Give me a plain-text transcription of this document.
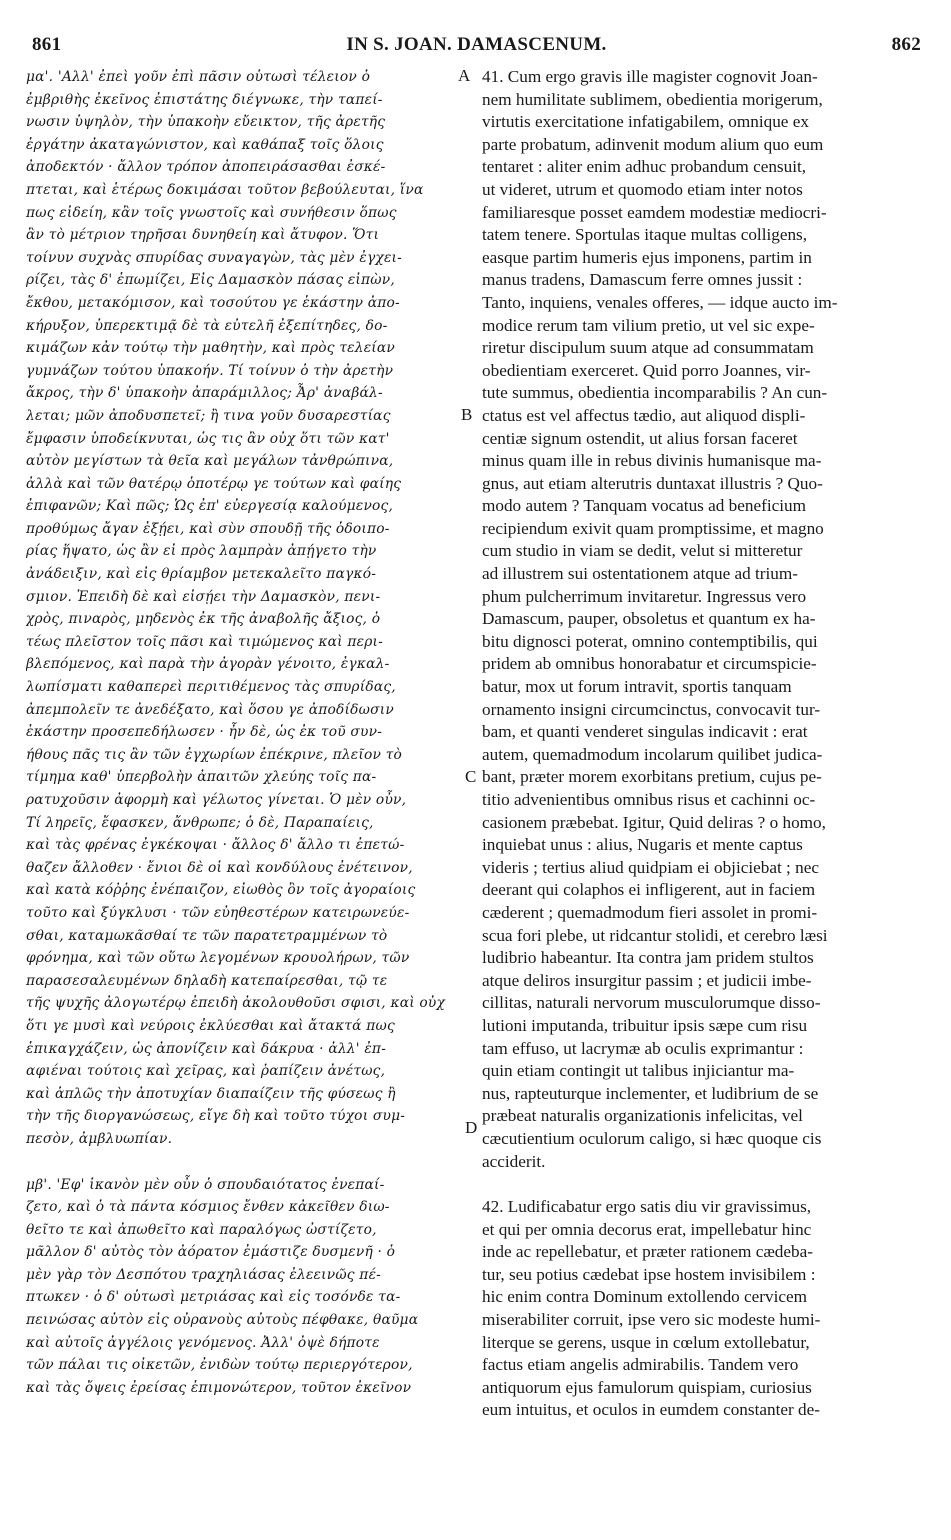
861	IN S. JOAN. DAMASCENUM.	862
μα'. 'Αλλ' ἐπεὶ γοῦν ἐπὶ πᾶσιν οὑτωσὶ τέλειον ὁ
ἐμβριθὴς ἐκεῖνος ἐπιστάτης διέγνωκε, τὴν ταπεί-
νωσιν ὑψηλὸν, τὴν ὑπακοὴν εὔεικτον, τῆς ἀρετῆς
ἐργάτην ἀκαταγώνιστον, καὶ καθάπαξ τοῖς ὅλοις
ἀποδεκτόν · ἄλλον τρόπον ἀποπειράσασθαι ἐσκέ-
πτεται, καὶ ἑτέρως δοκιμάσαι τοῦτον βεβούλευται, ἵνα
πως εἰδείη, κἂν τοῖς γνωστοῖς καὶ συνήθεσιν ὅπως
ἂν τὸ μέτριον τηρῆσαι δυνηθείη καὶ ἄτυφον. Ὅτι
τοίνυν συχνὰς σπυρίδας συναγαγὼν, τὰς μὲν ἐγχει-
ρίζει, τὰς δ' ἐπωμίζει, Εἰς Δαμασκὸν πάσας εἰπὼν,
ἔκθου, μετακόμισον, καὶ τοσούτου γε ἑκάστην ἀπο-
κήρυξον, ὑπερεκτιμᾷ δὲ τὰ εὐτελῆ ἐξεπίτηδες, δο-
κιμάζων κἀν τούτῳ τὴν μαθητὴν, καὶ πρὸς τελείαν
γυμνάζων τούτου ὑπακοήν. Τί τοίνυν ὁ τὴν ἀρετὴν
ἄκρος, τὴν δ' ὑπακοὴν ἀπαράμιλλος; Ἆρ' ἀναβάλ-
λεται; μῶν ἀποδυσπετεῖ; ἢ τινα γοῦν δυσαρεστίας
ἔμφασιν ὑποδείκνυται, ὡς τις ἂν οὐχ ὅτι τῶν κατ'
αὐτὸν μεγίστων τὰ θεῖα καὶ μεγάλων τἀνθρώπινα,
ἀλλὰ καὶ τῶν θατέρῳ ὁποτέρῳ γε τούτων καὶ φαίης
ἐπιφανῶν; Καὶ πῶς; Ὡς ἐπ' εὐεργεσίᾳ καλούμενος,
προθύμως ἄγαν ἐξῄει, καὶ σὺν σπουδῇ τῆς ὁδοιπο-
ρίας ἥψατο, ὡς ἂν εἰ πρὸς λαμπρὰν ἀπῄγετο τὴν
ἀνάδειξιν, καὶ εἰς θρίαμβον μετεκαλεῖτο παγκό-
σμιον. Ἐπειδὴ δὲ καὶ εἰσῄει τὴν Δαμασκὸν, πενι-
χρὸς, πιναρὸς, μηδενὸς ἐκ τῆς ἀναβολῆς ἄξιος, ὁ
τέως πλεῖστον τοῖς πᾶσι καὶ τιμώμενος καὶ περι-
βλεπόμενος, καὶ παρὰ τὴν ἀγορὰν γένοιτο, ἐγκαλ-
λωπίσματι καθαπερεὶ περιτιθέμενος τὰς σπυρίδας,
ἀπεμπολεῖν τε ἀνεδέξατο, καὶ ὅσου γε ἀποδίδωσιν
ἑκάστην προσεπεδήλωσεν · ἦν δὲ, ὡς ἐκ τοῦ συν-
ήθους πᾶς τις ἂν τῶν ἐγχωρίων ἐπέκρινε, πλεῖον τὸ
τίμημα καθ' ὑπερβολὴν ἀπαιτῶν χλεύης τοῖς πα-
ρατυχοῦσιν ἀφορμὴ καὶ γέλωτος γίνεται. Ὁ μὲν οὖν,
Τί ληρεῖς, ἔφασκεν, ἄνθρωπε; ὁ δὲ, Παραπαίεις,
καὶ τὰς φρένας ἐγκέκοψαι · ἄλλος δ' ἄλλο τι ἐπετώ-
θαζεν ἄλλοθεν · ἔνιοι δὲ οἱ καὶ κονδύλους ἐνέτεινον,
καὶ κατὰ κόῤῥης ἐνέπαιζον, εἰωθὸς ὂν τοῖς ἀγοραίοις
τοῦτο καὶ ξύγκλυσι · τῶν εὐηθεστέρων κατειρωνεύε-
σθαι, καταμωκᾶσθαί τε τῶν παρατετραμμένων τὸ
φρόνημα, καὶ τῶν οὕτω λεγομένων κρουολήρων, τῶν
παρασεσαλευμένων δηλαδὴ κατεπαίρεσθαι, τῷ τε
τῆς ψυχῆς ἀλογωτέρῳ ἐπειδὴ ἀκολουθοῦσι σφισι, καὶ οὐχ
ὅτι γε μυσὶ καὶ νεύροις ἐκλύεσθαι καὶ ἄτακτά πως
ἐπικαγχάζειν, ὡς ἀπονίζειν καὶ δάκρυα · ἀλλ' ἐπ-
αφιέναι τούτοις καὶ χεῖρας, καὶ ῥαπίζειν ἀνέτως,
καὶ ἁπλῶς τὴν ἀποτυχίαν διαπαίζειν τῆς φύσεως ἢ
τὴν τῆς διοργανώσεως, εἴγε δὴ καὶ τοῦτο τύχοι συμ-
πεσὸν, ἀμβλυωπίαν.
μβ'. 'Εφ' ἱκανὸν μὲν οὖν ὁ σπουδαιότατος ἐνεπαί-
ζετο, καὶ ὁ τὰ πάντα κόσμιος ἔνθεν κἀκεῖθεν διω-
θεῖτο τε καὶ ἀπωθεῖτο καὶ παραλόγως ὠστίζετο,
μᾶλλον δ' αὐτὸς τὸν ἀόρατον ἐμάστιζε δυσμενῆ · ὁ
μὲν γὰρ τὸν Δεσπότου τραχηλιάσας ἐλεεινῶς πέ-
πτωκεν · ὁ δ' οὑτωσὶ μετριάσας καὶ εἰς τοσόνδε τα-
πεινώσας αὐτὸν εἰς οὐρανοὺς αὐτοὺς πέφθακε, θαῦμα
καὶ αὐτοῖς ἀγγέλοις γενόμενος. Ἀλλ' ὀψὲ δήποτε
τῶν πάλαι τις οἰκετῶν, ἐνιδὼν τούτῳ περιεργότερον,
καὶ τὰς ὄψεις ἐρείσας ἐπιμονώτερον, τοῦτον ἐκεῖνον
41. Cum ergo gravis ille magister cognovit Joan-
nem humilitate sublimem, obedientia morigerum,
virtutis exercitatione infatigabilem, omnique ex
parte probatum, adinvenit modum alium quo eum
tentaret : aliter enim adhuc probandum censuit,
ut videret, utrum et quomodo etiam inter notos
familiaresque posset eamdem modestiæ mediocri-
tatem tenere. Sportulas itaque multas colligens,
easque partim humeris ejus imponens, partim in
manus tradens, Damascum ferre omnes jussit :
Tanto, inquiens, venales offeres, — idque aucto im-
modice rerum tam vilium pretio, ut vel sic expe-
riretur discipulum suum atque ad consummatam
obedientiam exerceret. Quid porro Joannes, vir-
tute summus, obedientia incomparabilis ? An cun-
ctatus est vel affectus tædio, aut aliquod displi-
centiæ signum ostendit, ut alius forsan faceret
minus quam ille in rebus divinis humanisque ma-
gnus, aut etiam alterutris duntaxat illustris ? Quo-
modo autem ? Tanquam vocatus ad beneficium
recipiendum exivit quam promptissime, et magno
cum studio in viam se dedit, velut si mitteretur
ad illustrem sui ostentationem atque ad trium-
phum pulcherrimum invitaretur. Ingressus vero
Damascum, pauper, obsoletus et quantum ex ha-
bitu dignosci poterat, omnino contemptibilis, qui
pridem ab omnibus honorabatur et circumspicie-
batur, mox ut forum intravit, sportis tanquam
ornamento insigni circumcinctus, convocavit tur-
bam, et quanti venderet singulas indicavit : erat
autem, quemadmodum incolarum quilibet judica-
bant, præter morem exorbitans pretium, cujus pe-
titio advenientibus omnibus risus et cachinni oc-
casionem præbebat. Igitur, Quid deliras ? o homo,
inquiebat unus : alius, Nugaris et mente captus
videris ; tertius aliud quidpiam ei objiciebat ; nec
deerant qui colaphos ei infligerent, aut in faciem
cæderent ; quemadmodum fieri assolet in promi-
scua fori plebe, ut ridcantur stolidi, et cerebro læsi
ludibrio habeantur. Ita contra jam pridem stultos
atque deliros insurgitur passim ; et judicii imbe-
cillitas, naturali nervorum musculorumque disso-
lutioni imputanda, tribuitur ipsis sæpe cum risu
tam effuso, ut lacrymæ ab oculis exprimantur :
quin etiam contingit ut talibus injiciantur ma-
nus, rapteuturque inclementer, et ludibrium de se
præbeat naturalis organizationis infelicitas, vel
cæcutientium oculorum caligo, si hæc quoque cis
acciderit.
42. Ludificabatur ergo satis diu vir gravissimus,
et qui per omnia decorus erat, impellebatur hinc
inde ac repellebatur, et præter rationem cædeba-
tur, seu potius cædebat ipse hostem invisibilem :
hic enim contra Dominum extollendo cervicem
miserabiliter corruit, ipse vero sic modeste humi-
literque se gerens, usque in cœlum extollebatur,
factus etiam angelis admirabilis. Tandem vero
antiquorum ejus famulorum quispiam, curiosius
eum intuitus, et oculos in eumdem constanter de-
A
B
C
D
